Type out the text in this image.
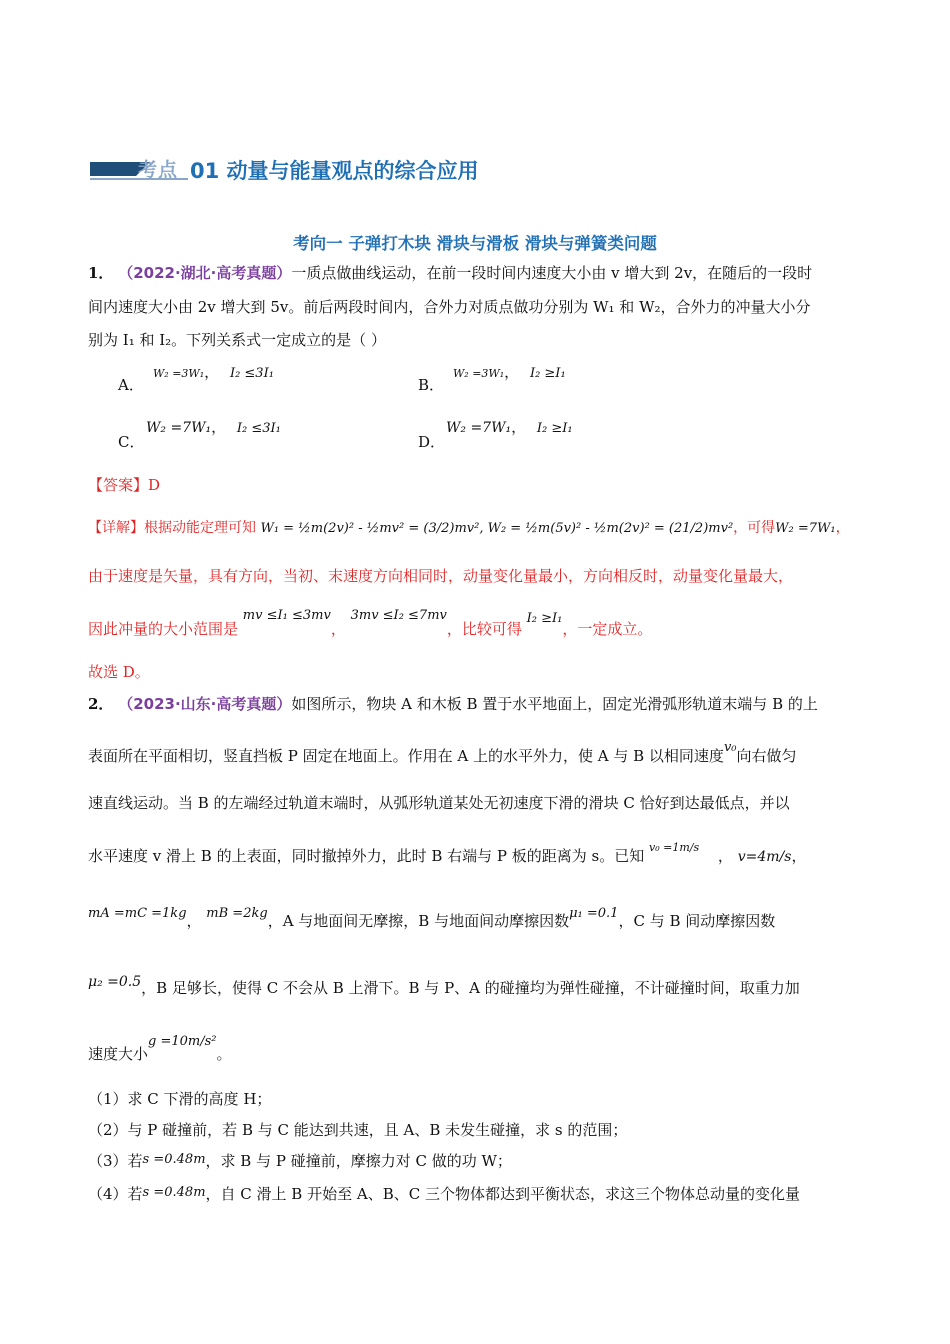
考点 01 动量与能量观点的综合应用
考向一 子弹打木块 滑块与滑板 滑块与弹簧类问题
1． （2022·湖北·高考真题）一质点做曲线运动，在前一段时间内速度大小由 v 增大到 2v，在随后的一段时
间内速度大小由 2v 增大到 5v。前后两段时间内，合外力对质点做功分别为 W₁ 和 W₂，合外力的冲量大小分
别为 I₁ 和 I₂。下列关系式一定成立的是（ ）
A．
W₂ =3W₁， I₂ ≤3I₁
B．
W₂ =3W₁， I₂ ≥I₁
C．
W₂ =7W₁， I₂ ≤3I₁
D．
W₂ =7W₁， I₂ ≥I₁
【答案】D
【详解】根据动能定理可知 W₁ = ½m(2v)² - ½mv² = (3/2)mv², W₂ = ½m(5v)² - ½m(2v)² = (21/2)mv²，可得W₂ =7W₁，
由于速度是矢量，具有方向，当初、末速度方向相同时，动量变化量最小，方向相反时，动量变化量最大，
因此冲量的大小范围是 mv ≤I₁ ≤3mv， 3mv ≤I₂ ≤7mv，比较可得 I₂ ≥I₁，一定成立。
故选 D。
2． （2023·山东·高考真题）如图所示，物块 A 和木板 B 置于水平地面上，固定光滑弧形轨道末端与 B 的上
表面所在平面相切，竖直挡板 P 固定在地面上。作用在 A 上的水平外力，使 A 与 B 以相同速度v₀向右做匀
速直线运动。当 B 的左端经过轨道末端时，从弧形轨道某处无初速度下滑的滑块 C 恰好到达最低点，并以
水平速度 v 滑上 B 的上表面，同时撤掉外力，此时 B 右端与 P 板的距离为 s。已知 $^{v_0 =1m/s}$ ， v=4m/s，
mA =mC =1kg， mB =2kg，A 与地面间无摩擦，B 与地面间动摩擦因数μ₁ =0.1，C 与 B 间动摩擦因数
μ₂ =0.5，B 足够长，使得 C 不会从 B 上滑下。B 与 P、A 的碰撞均为弹性碰撞，不计碰撞时间，取重力加
速度大小g =10m/s²。
（1）求 C 下滑的高度 H；
（2）与 P 碰撞前，若 B 与 C 能达到共速，且 A、B 未发生碰撞，求 s 的范围；
（3）若s =0.48m，求 B 与 P 碰撞前，摩擦力对 C 做的功 W；
（4）若s =0.48m，自 C 滑上 B 开始至 A、B、C 三个物体都达到平衡状态，求这三个物体总动量的变化量
